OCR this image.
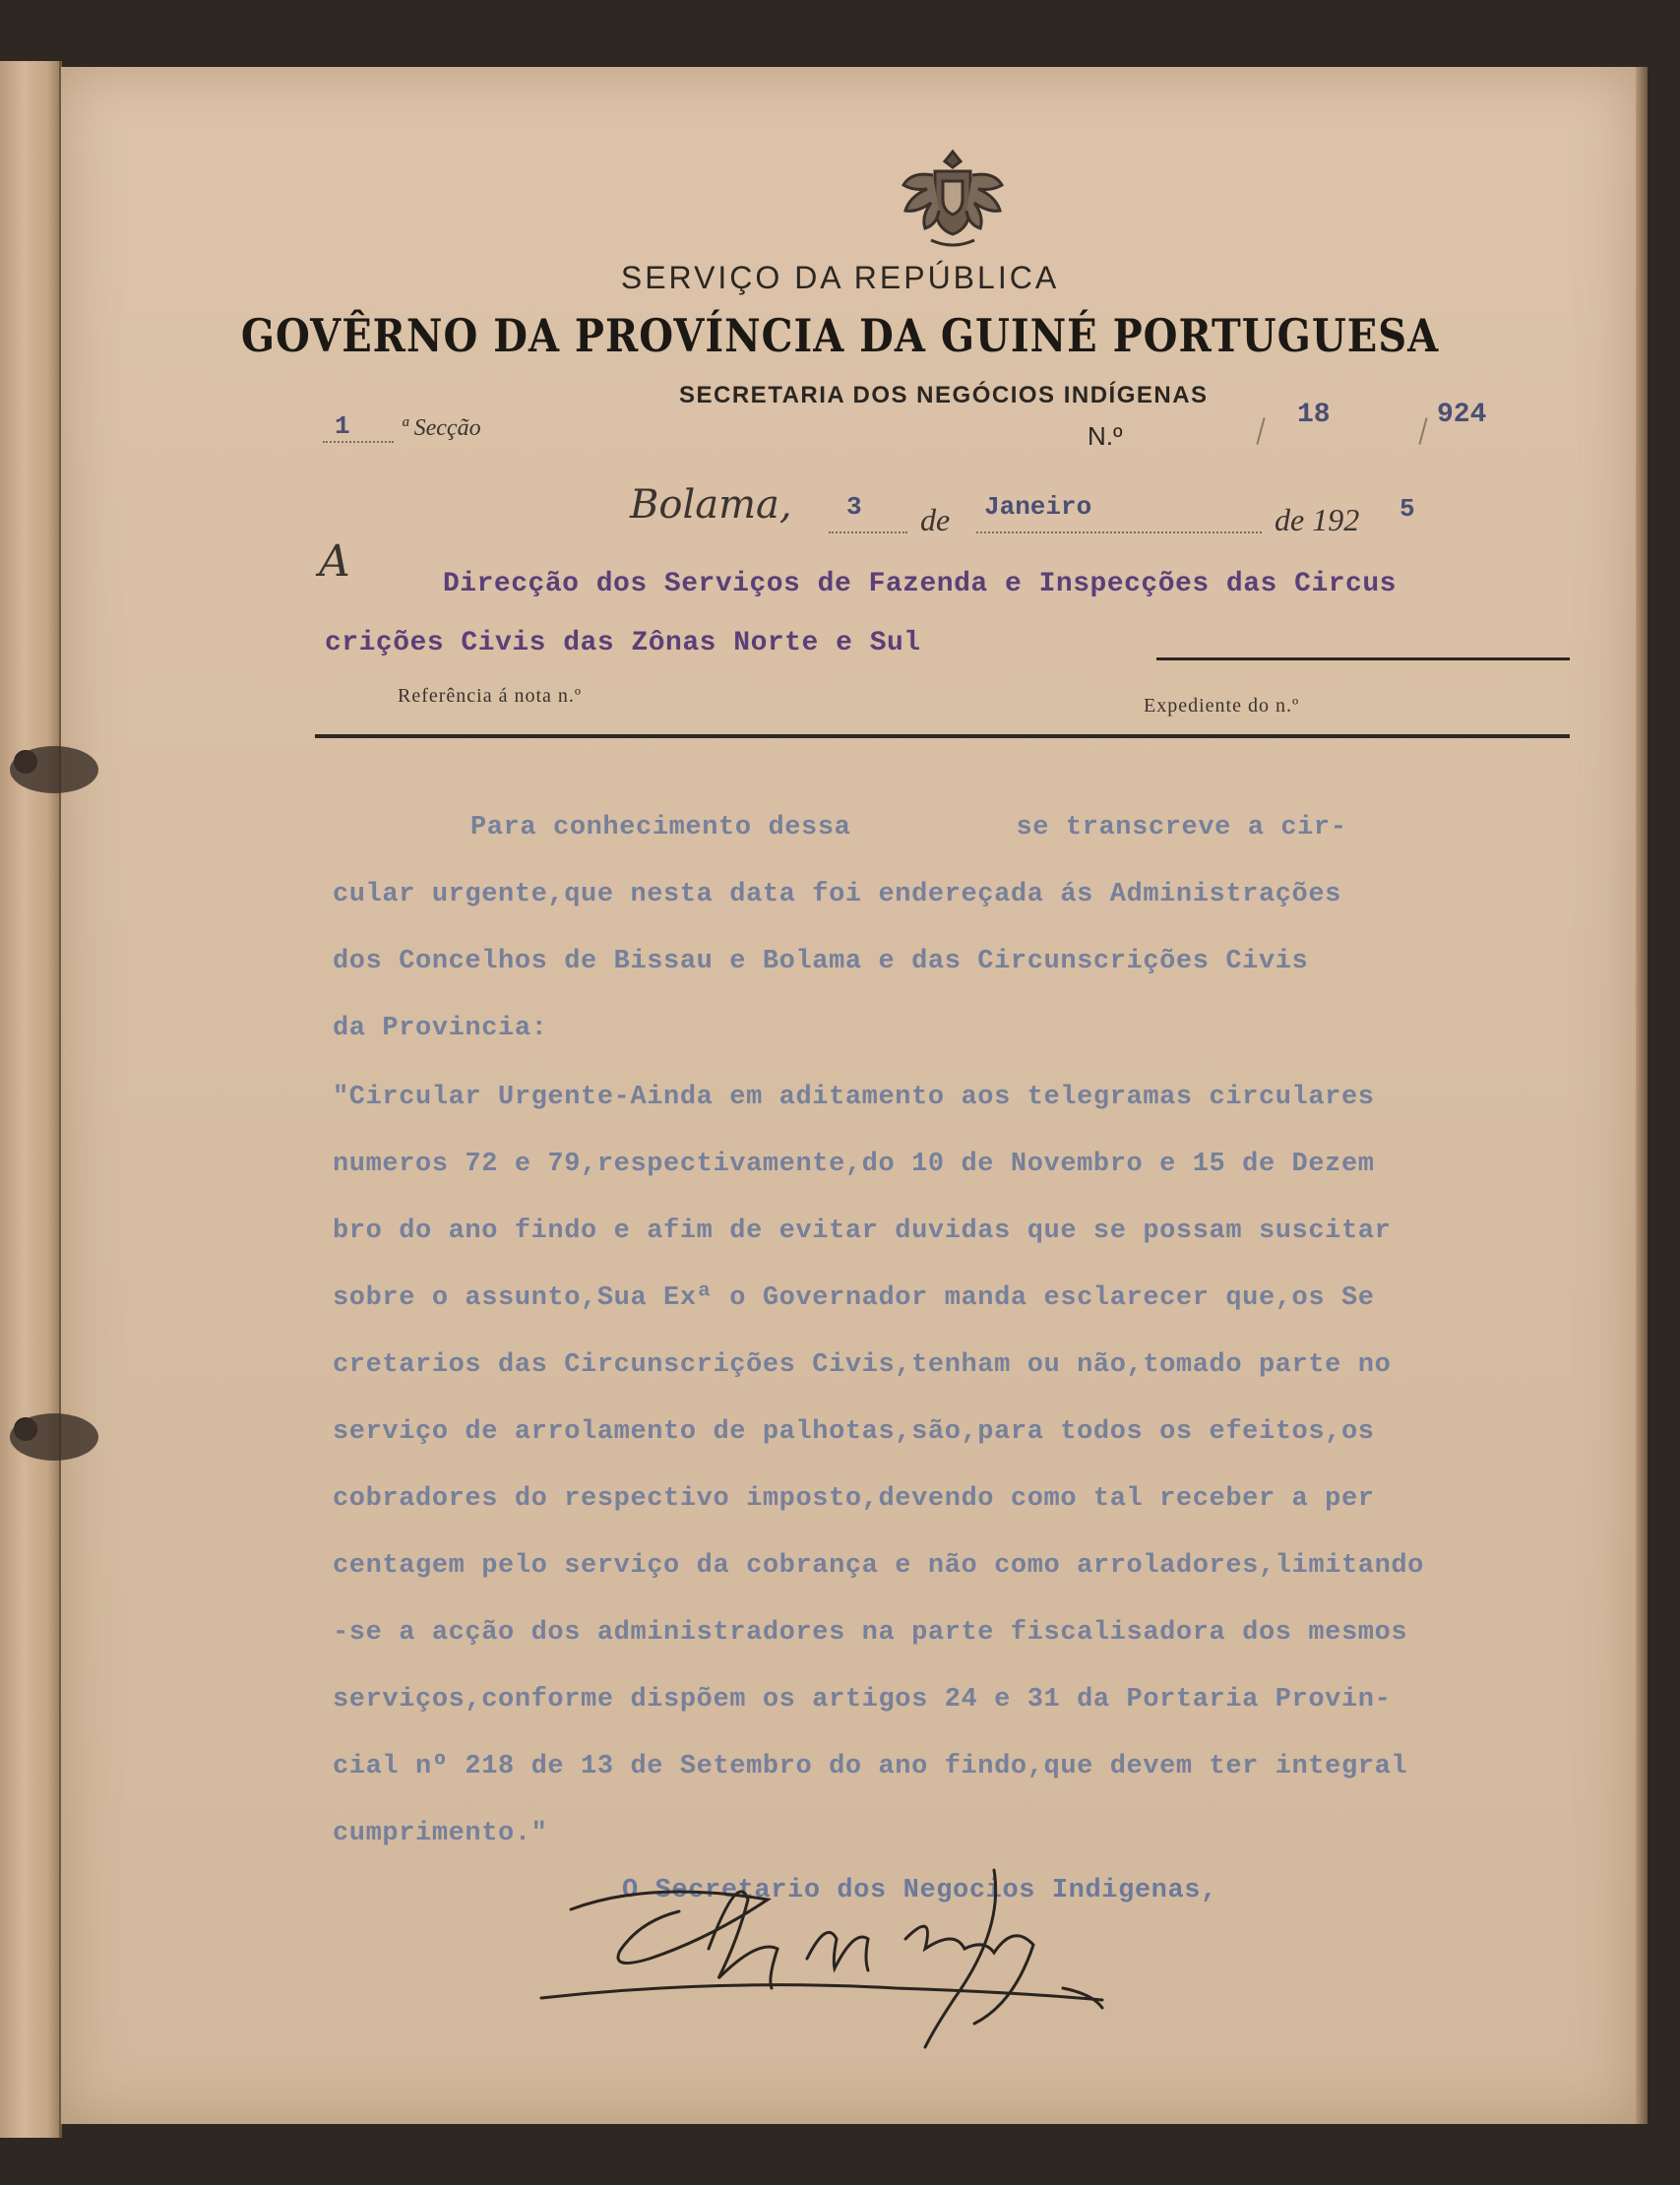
SERVIÇO DA REPÚBLICA
GOVÊRNO DA PROVÍNCIA DA GUINÉ PORTUGUESA
SECRETARIA DOS NEGÓCIOS INDÍGENAS
1 ª Secção	N.º
18	924
Bolama, 3 de Janeiro	de 192 5
A	Direcção dos Serviços de Fazenda e Inspecções das Circus
crições Civis das Zônas Norte e Sul
Referência á nota n.º	Expediente do n.º
Para conhecimento dessa          se transcreve a cir-
cular urgente,que nesta data foi endereçada ás Administrações
dos Concelhos de Bissau e Bolama e das Circunscrições Civis
da Provincia:
"Circular Urgente-Ainda em aditamento aos telegramas circulares
numeros 72 e 79,respectivamente,do 10 de Novembro e 15 de Dezem
bro do ano findo e afim de evitar duvidas que se possam suscitar
sobre o assunto,Sua Exª o Governador manda esclarecer que,os Se
cretarios das Circunscrições Civis,tenham ou não,tomado parte no
serviço de arrolamento de palhotas,são,para todos os efeitos,os
cobradores do respectivo imposto,devendo como tal receber a per
centagem pelo serviço da cobrança e não como arroladores,limitando
-se a acção dos administradores na parte fiscalisadora dos mesmos
serviços,conforme dispõem os artigos 24 e 31 da Portaria Provin-
cial nº 218 de 13 de Setembro do ano findo,que devem ter integral
cumprimento."
O Secretario dos Negocios Indigenas,
